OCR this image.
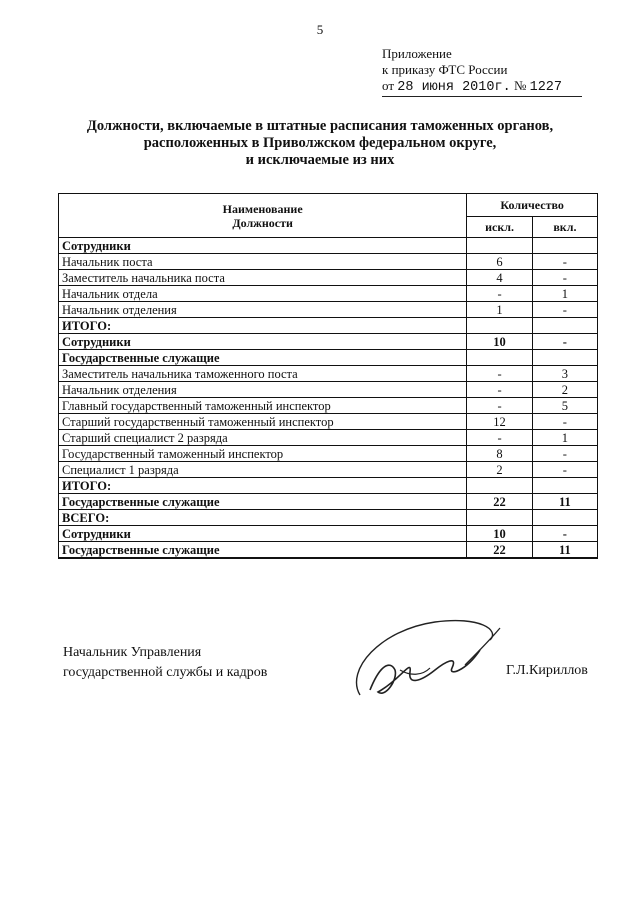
5
Приложение
к приказу ФТС России
от 28 июня 2010г. № 1227
Должности, включаемые в штатные расписания таможенных органов,
расположенных в Приволжском федеральном округе,
и исключаемые из них
Наименование
Должности	Количество	
	искл.	вкл.
Сотрудники		
Начальник поста	6	-
Заместитель начальника поста	4	-
Начальник отдела	-	1
Начальник отделения	1	-
ИТОГО:		
Сотрудники	10	-
Государственные служащие		
Заместитель начальника таможенного поста	-	3
Начальник отделения	-	2
Главный государственный таможенный инспектор	-	5
Старший государственный таможенный инспектор	12	-
Старший специалист 2 разряда	-	1
Государственный таможенный инспектор	8	-
Специалист 1 разряда	2	-
ИТОГО:		
Государственные служащие	22	11
ВСЕГО:		
Сотрудники	10	-
Государственные служащие	22	11
Начальник Управления
государственной службы и кадров	Г.Л.Кириллов
